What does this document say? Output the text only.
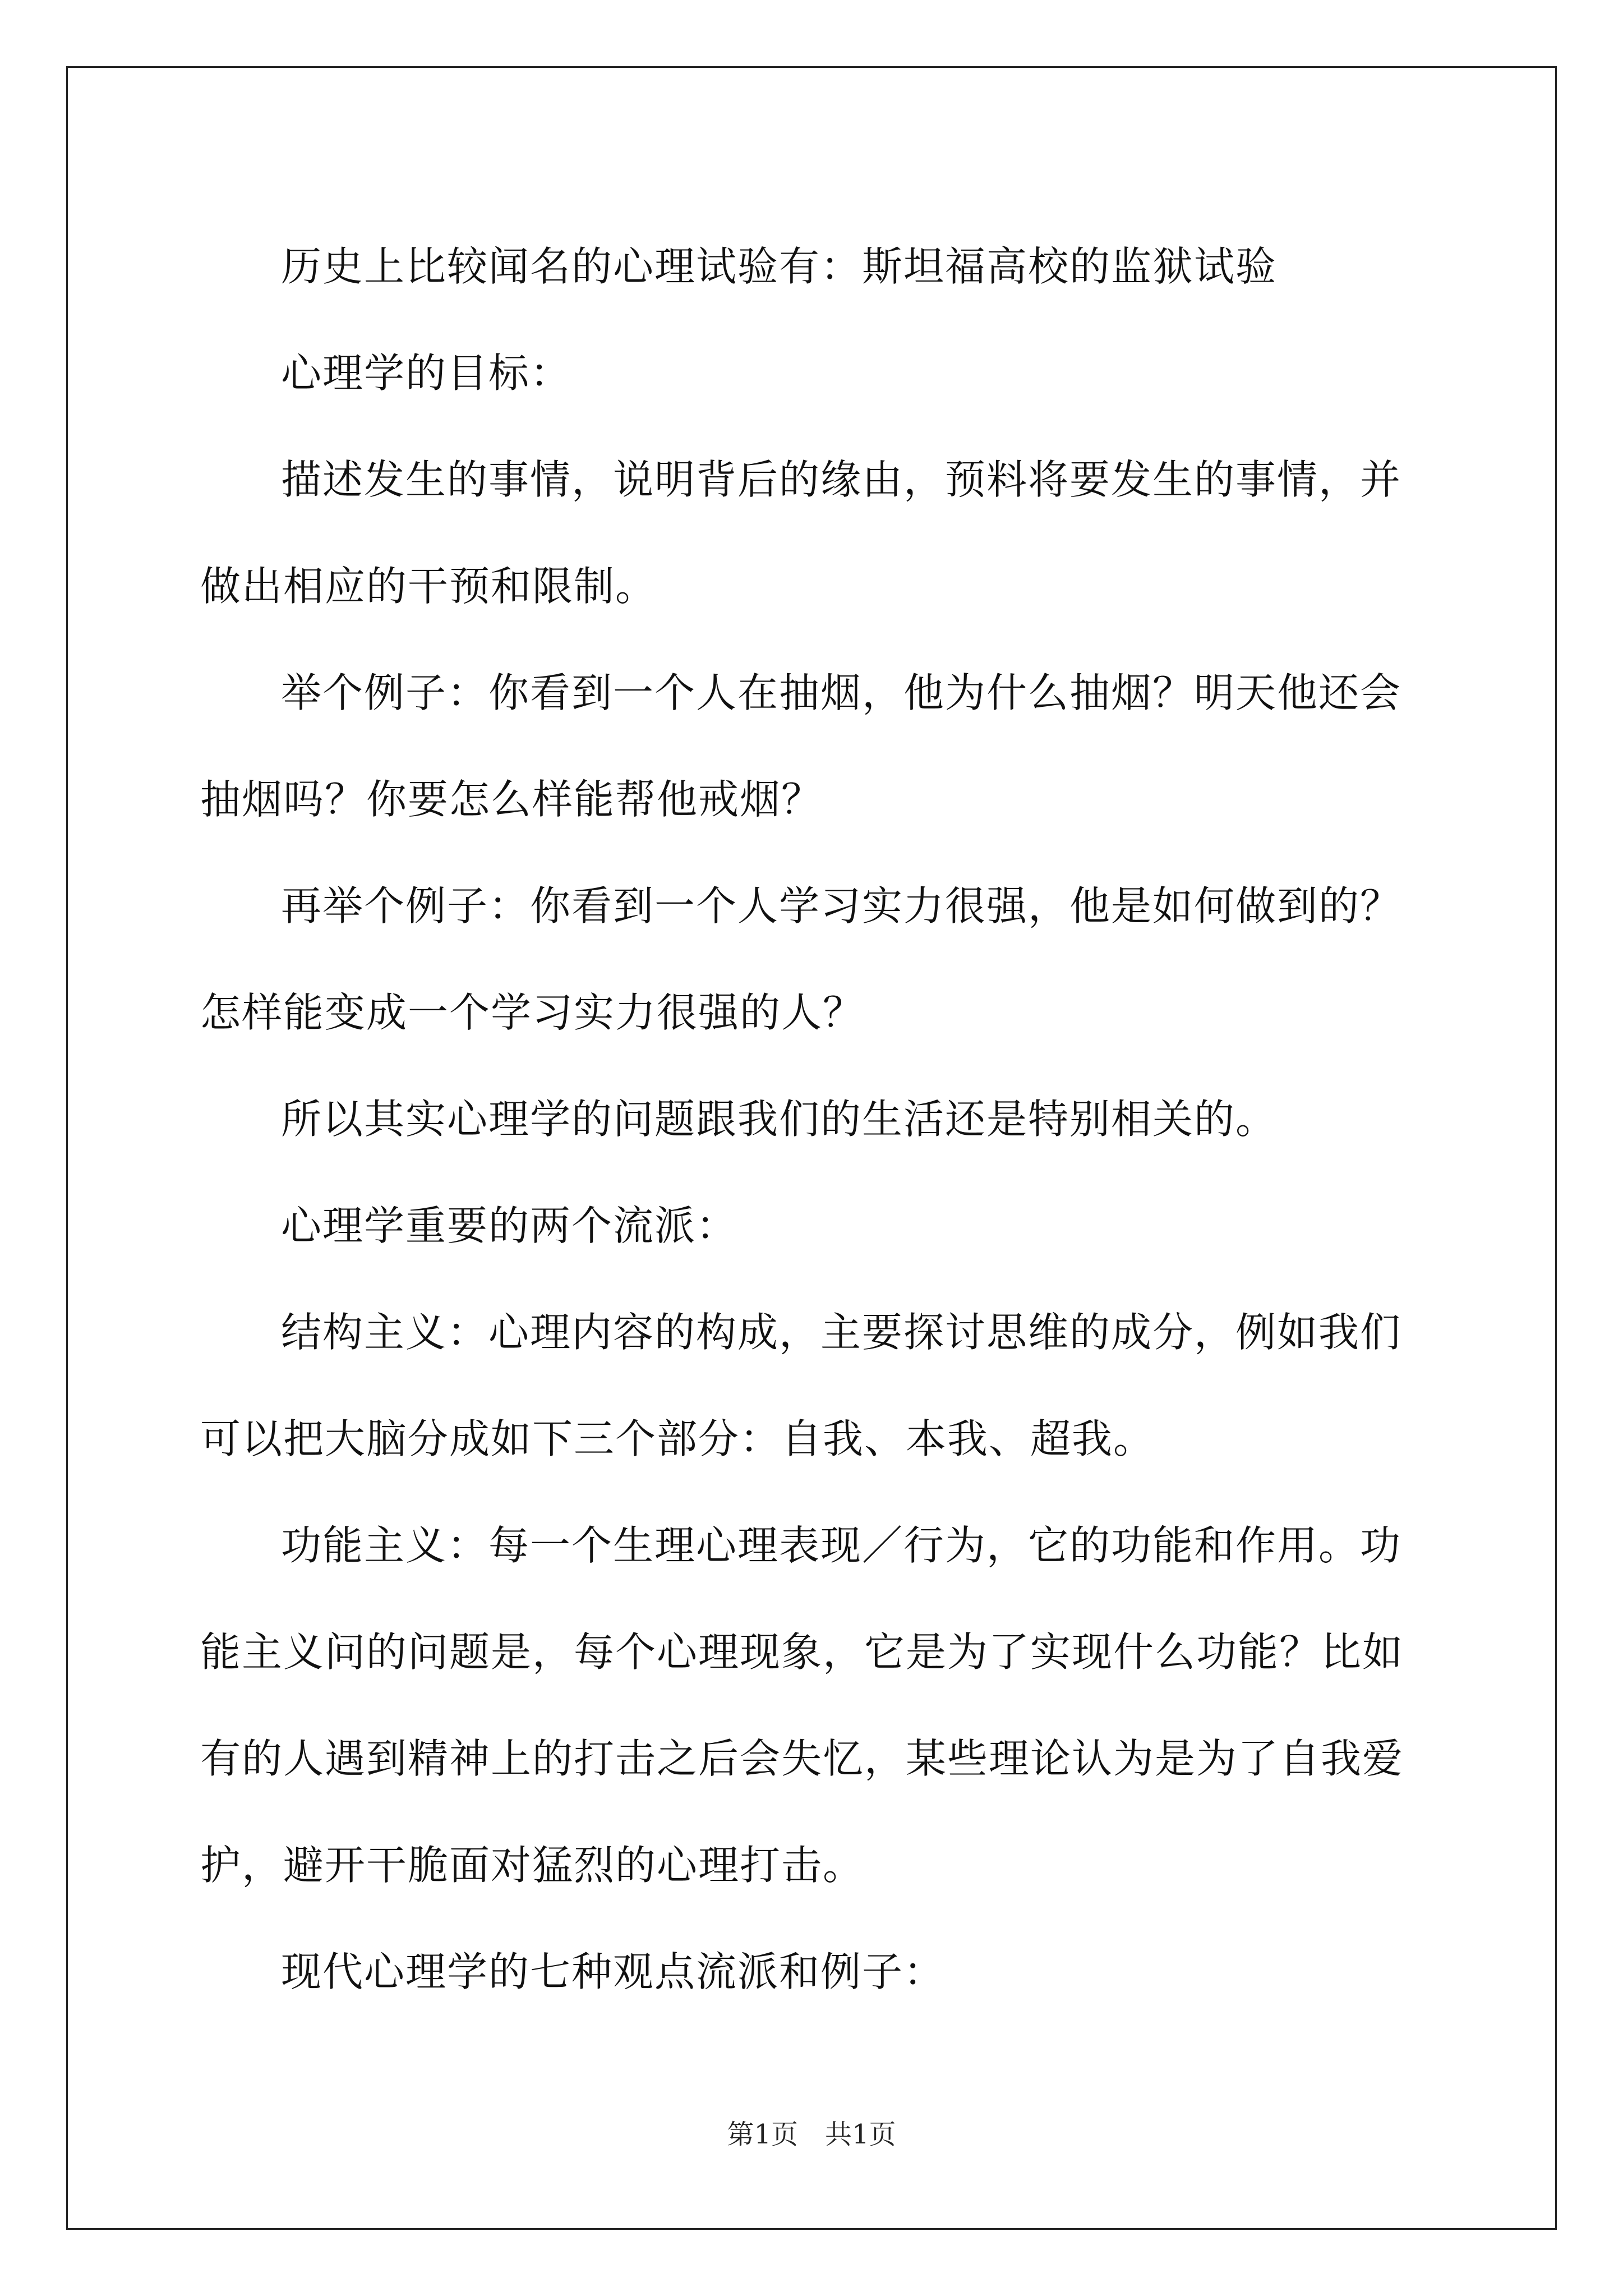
历史上比较闻名的心理试验有：斯坦福高校的监狱试验

心理学的目标：

描述发生的事情，说明背后的缘由，预料将要发生的事情，并做出相应的干预和限制。

举个例子：你看到一个人在抽烟，他为什么抽烟？明天他还会抽烟吗？你要怎么样能帮他戒烟？

再举个例子：你看到一个人学习实力很强，他是如何做到的？怎样能变成一个学习实力很强的人？

所以其实心理学的问题跟我们的生活还是特别相关的。

心理学重要的两个流派：

结构主义：心理内容的构成，主要探讨思维的成分，例如我们可以把大脑分成如下三个部分：自我、本我、超我。

功能主义：每一个生理心理表现／行为，它的功能和作用。功能主义问的问题是，每个心理现象，它是为了实现什么功能？比如有的人遇到精神上的打击之后会失忆，某些理论认为是为了自我爱护，避开干脆面对猛烈的心理打击。

现代心理学的七种观点流派和例子：

第1页　共1页
